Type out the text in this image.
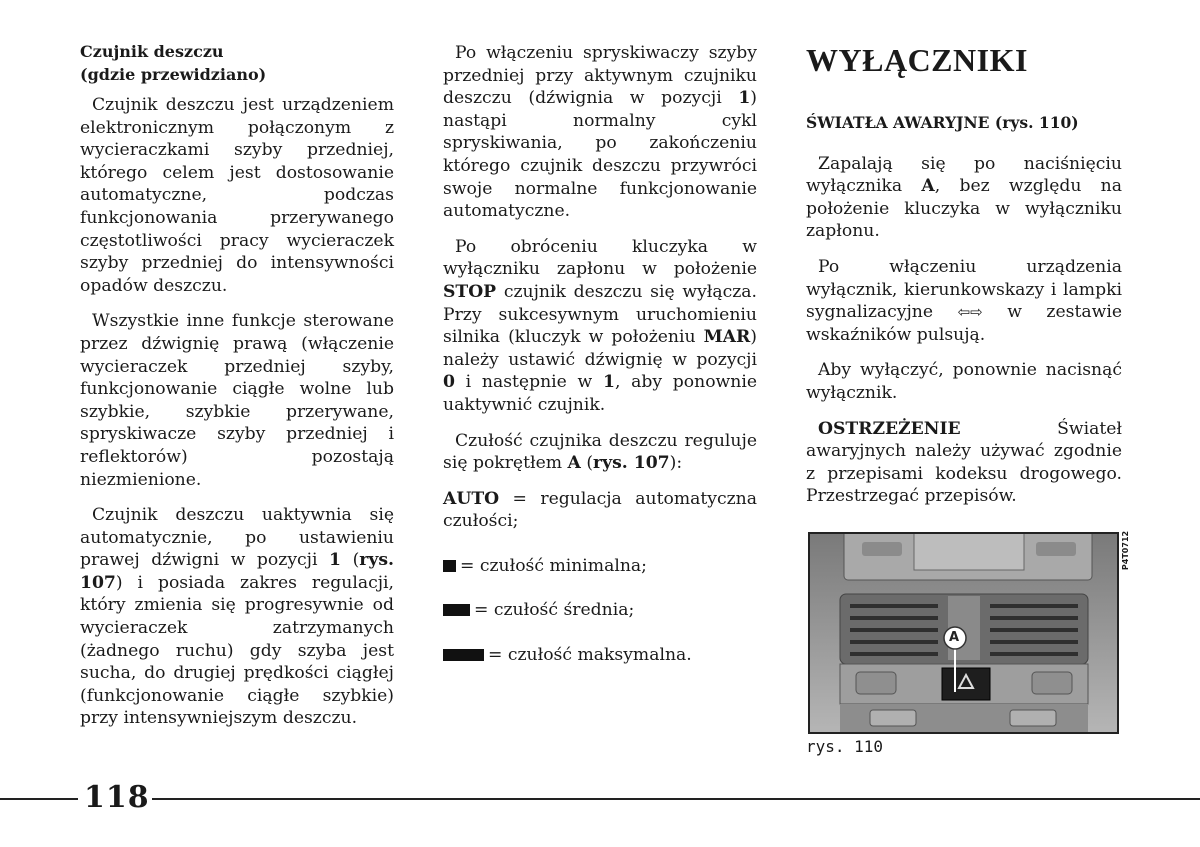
Czujnik deszczu
(gdzie przewidziano)

Czujnik deszczu jest urządzeniem elektronicznym połączonym z wycieraczkami szyby przedniej, którego celem jest dostosowanie automatyczne, podczas funkcjonowania przerywanego częstotliwości pracy wycieraczek szyby przedniej do intensywności opadów deszczu.

Wszystkie inne funkcje sterowane przez dźwignię prawą (włączenie wycieraczek przedniej szyby, funkcjonowanie ciągłe wolne lub szybkie, szybkie przerywane, spryskiwacze szyby przedniej i reflektorów) pozostają niezmienione.

Czujnik deszczu uaktywnia się automatycznie, po ustawieniu prawej dźwigni w pozycji 1 (rys. 107) i posiada zakres regulacji, który zmienia się progresywnie od wycieraczek zatrzymanych (żadnego ruchu) gdy szyba jest sucha, do drugiej prędkości ciągłej (funkcjonowanie ciągłe szybkie) przy intensywniejszym deszczu.

Po włączeniu spryskiwaczy szyby przedniej przy aktywnym czujniku deszczu (dźwignia w pozycji 1) nastąpi normalny cykl spryskiwania, po zakończeniu którego czujnik deszczu przywróci swoje normalne funkcjonowanie automatyczne.

Po obróceniu kluczyka w wyłączniku zapłonu w położenie STOP czujnik deszczu się wyłącza. Przy sukcesywnym uruchomieniu silnika (kluczyk w położeniu MAR) należy ustawić dźwignię w pozycji 0 i następnie w 1, aby ponownie uaktywnić czujnik.

Czułość czujnika deszczu reguluje się pokrętłem A (rys. 107):

AUTO = regulacja automatyczna czułości;

= czułość minimalna;

= czułość średnia;

= czułość maksymalna.

WYŁĄCZNIKI
ŚWIATŁA AWARYJNE (rys. 110)

Zapalają się po naciśnięciu wyłącznika A, bez względu na położenie kluczyka w wyłączniku zapłonu.

Po włączeniu urządzenia wyłącznik, kierunkowskazy i lampki sygnalizacyjne ⇦⇨ w zestawie wskaźników pulsują.

Aby wyłączyć, ponownie nacisnąć wyłącznik.

OSTRZEŻENIE Świateł awaryjnych należy używać zgodnie z przepisami kodeksu drogowego. Przestrzegać przepisów.

A
P4T0712
rys. 110
118
